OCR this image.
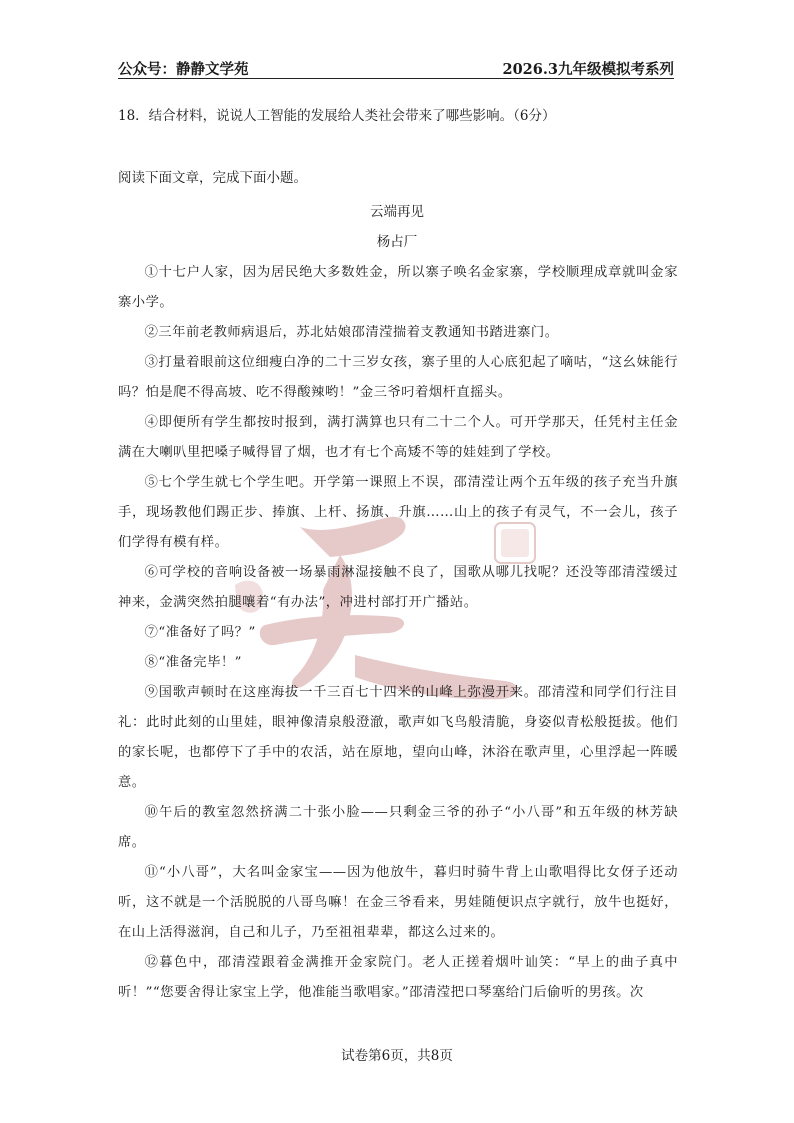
公众号：静静文学苑	2026.3九年级模拟考系列
18．结合材料，说说人工智能的发展给人类社会带来了哪些影响。（6分）
阅读下面文章，完成下面小题。
云端再见
杨占厂

①十七户人家，因为居民绝大多数姓金，所以寨子唤名金家寨，学校顺理成章就叫金家寨小学。

②三年前老教师病退后，苏北姑娘邵清滢揣着支教通知书踏进寨门。

③打量着眼前这位细瘦白净的二十三岁女孩，寨子里的人心底犯起了嘀咕，“这幺妹能行吗？怕是爬不得高坡、吃不得酸辣哟！”金三爷叼着烟杆直摇头。

④即便所有学生都按时报到，满打满算也只有二十二个人。可开学那天，任凭村主任金满在大喇叭里把嗓子喊得冒了烟，也才有七个高矮不等的娃娃到了学校。

⑤七个学生就七个学生吧。开学第一课照上不误，邵清滢让两个五年级的孩子充当升旗手，现场教他们踢正步、捧旗、上杆、扬旗、升旗……山上的孩子有灵气，不一会儿，孩子们学得有模有样。

⑥可学校的音响设备被一场暴雨淋湿接触不良了，国歌从哪儿找呢？还没等邵清滢缓过神来，金满突然拍腿嚷着“有办法”，冲进村部打开广播站。

⑦“准备好了吗？”

⑧“准备完毕！”

⑨国歌声顿时在这座海拔一千三百七十四米的山峰上弥漫开来。邵清滢和同学们行注目礼：此时此刻的山里娃，眼神像清泉般澄澈，歌声如飞鸟般清脆，身姿似青松般挺拔。他们的家长呢，也都停下了手中的农活，站在原地，望向山峰，沐浴在歌声里，心里浮起一阵暖意。

⑩午后的教室忽然挤满二十张小脸——只剩金三爷的孙子“小八哥”和五年级的林芳缺席。

⑪“小八哥”，大名叫金家宝——因为他放牛，暮归时骑牛背上山歌唱得比女伢子还动听，这不就是一个活脱脱的八哥鸟嘛！在金三爷看来，男娃随便识点字就行，放牛也挺好，在山上活得滋润，自己和儿子，乃至祖祖辈辈，都这么过来的。

⑫暮色中，邵清滢跟着金满推开金家院门。老人正搓着烟叶讪笑：“早上的曲子真中听！”“您要舍得让家宝上学，他准能当歌唱家。”邵清滢把口琴塞给门后偷听的男孩。次

试卷第6页，共8页
